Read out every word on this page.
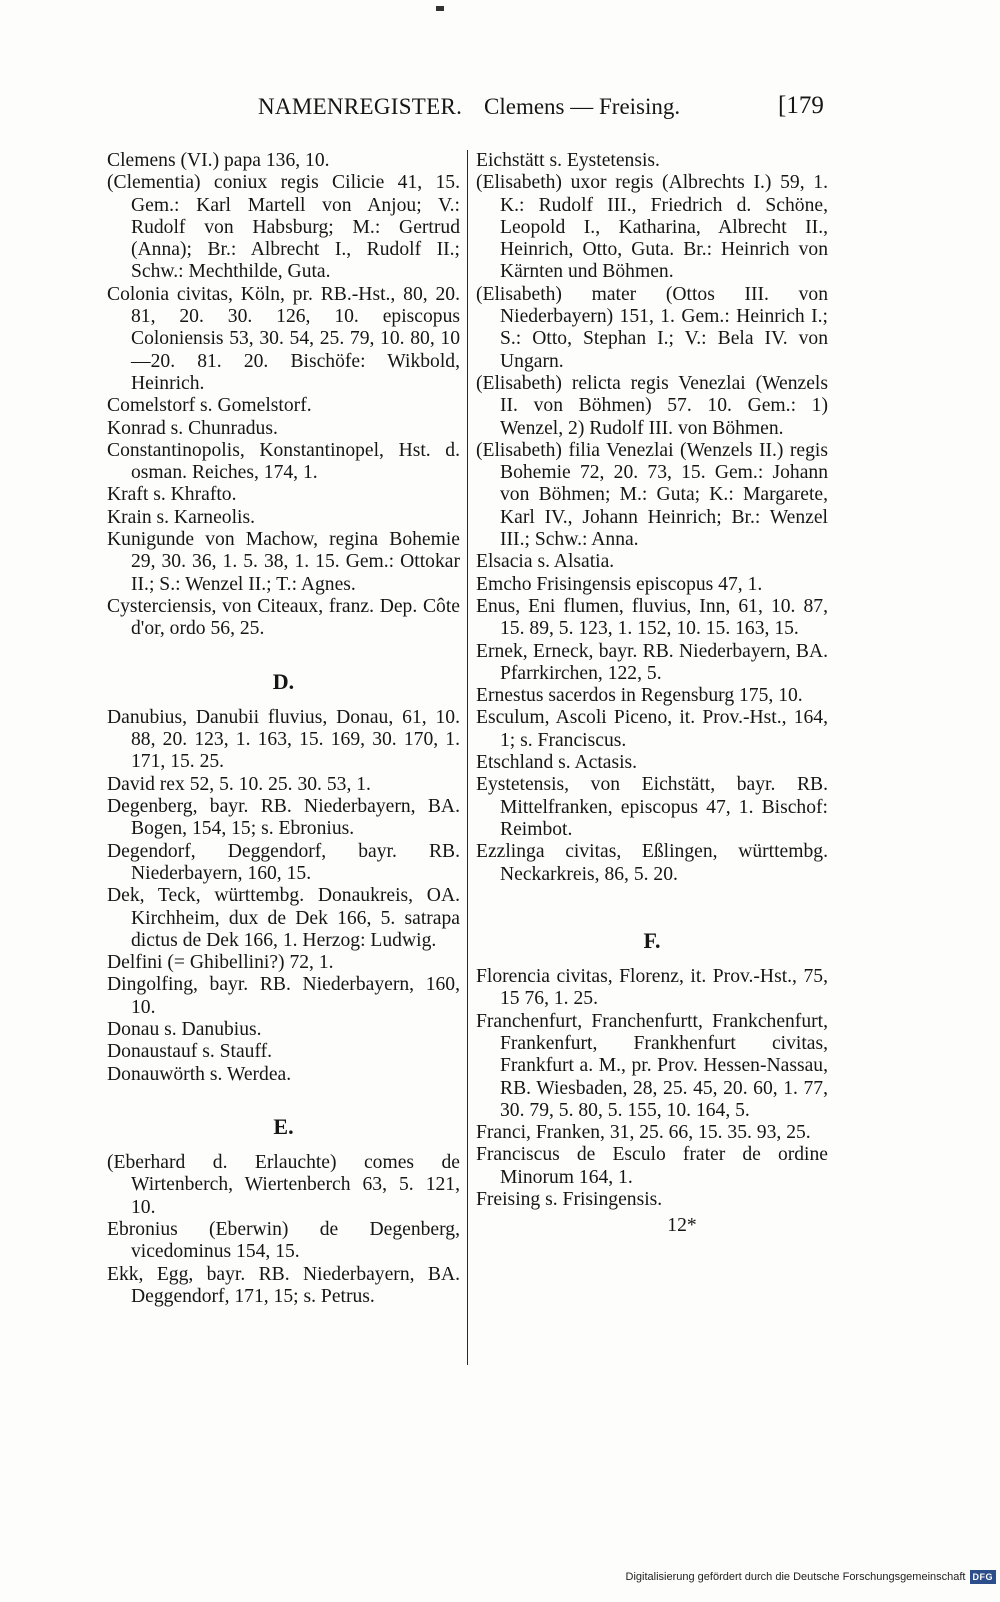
NAMENREGISTER. Clemens — Freising.	[179
Clemens (VI.) papa 136, 10.
(Clementia) coniux regis Cilicie 41, 15. Gem.: Karl Martell von Anjou; V.: Rudolf von Habsburg; M.: Gertrud (Anna); Br.: Albrecht I., Rudolf II.; Schw.: Mechthilde, Guta.
Colonia civitas, Köln, pr. RB.-Hst., 80, 20. 81, 20. 30. 126, 10. episcopus Coloniensis 53, 30. 54, 25. 79, 10. 80, 10—20. 81. 20. Bischöfe: Wikbold, Heinrich.
Comelstorf s. Gomelstorf.
Konrad s. Chunradus.
Constantinopolis, Konstantinopel, Hst. d. osman. Reiches, 174, 1.
Kraft s. Khrafto.
Krain s. Karneolis.
Kunigunde von Machow, regina Bohemie 29, 30. 36, 1. 5. 38, 1. 15. Gem.: Ottokar II.; S.: Wenzel II.; T.: Agnes.
Cysterciensis, von Citeaux, franz. Dep. Côte d'or, ordo 56, 25.
D.
Danubius, Danubii fluvius, Donau, 61, 10. 88, 20. 123, 1. 163, 15. 169, 30. 170, 1. 171, 15. 25.
David rex 52, 5. 10. 25. 30. 53, 1.
Degenberg, bayr. RB. Niederbayern, BA. Bogen, 154, 15; s. Ebronius.
Degendorf, Deggendorf, bayr. RB. Niederbayern, 160, 15.
Dek, Teck, württembg. Donaukreis, OA. Kirchheim, dux de Dek 166, 5. satrapa dictus de Dek 166, 1. Herzog: Ludwig.
Delfini (= Ghibellini?) 72, 1.
Dingolfing, bayr. RB. Niederbayern, 160, 10.
Donau s. Danubius.
Donaustauf s. Stauff.
Donauwörth s. Werdea.
E.
(Eberhard d. Erlauchte) comes de Wirtenberch, Wiertenberch 63, 5. 121, 10.
Ebronius (Eberwin) de Degenberg, vicedominus 154, 15.
Ekk, Egg, bayr. RB. Niederbayern, BA. Deggendorf, 171, 15; s. Petrus.
Eichstätt s. Eystetensis.
(Elisabeth) uxor regis (Albrechts I.) 59, 1. K.: Rudolf III., Friedrich d. Schöne, Leopold I., Katharina, Albrecht II., Heinrich, Otto, Guta. Br.: Heinrich von Kärnten und Böhmen.
(Elisabeth) mater (Ottos III. von Niederbayern) 151, 1. Gem.: Heinrich I.; S.: Otto, Stephan I.; V.: Bela IV. von Ungarn.
(Elisabeth) relicta regis Venezlai (Wenzels II. von Böhmen) 57. 10. Gem.: 1) Wenzel, 2) Rudolf III. von Böhmen.
(Elisabeth) filia Venezlai (Wenzels II.) regis Bohemie 72, 20. 73, 15. Gem.: Johann von Böhmen; M.: Guta; K.: Margarete, Karl IV., Johann Heinrich; Br.: Wenzel III.; Schw.: Anna.
Elsacia s. Alsatia.
Emcho Frisingensis episcopus 47, 1.
Enus, Eni flumen, fluvius, Inn, 61, 10. 87, 15. 89, 5. 123, 1. 152, 10. 15. 163, 15.
Ernek, Erneck, bayr. RB. Niederbayern, BA. Pfarrkirchen, 122, 5.
Ernestus sacerdos in Regensburg 175, 10.
Esculum, Ascoli Piceno, it. Prov.-Hst., 164, 1; s. Franciscus.
Etschland s. Actasis.
Eystetensis, von Eichstätt, bayr. RB. Mittelfranken, episcopus 47, 1. Bischof: Reimbot.
Ezzlinga civitas, Eßlingen, württembg. Neckarkreis, 86, 5. 20.
F.
Florencia civitas, Florenz, it. Prov.-Hst., 75, 15 76, 1. 25.
Franchenfurt, Franchenfurtt, Frankchenfurt, Frankenfurt, Frankhenfurt civitas, Frankfurt a. M., pr. Prov. Hessen-Nassau, RB. Wiesbaden, 28, 25. 45, 20. 60, 1. 77, 30. 79, 5. 80, 5. 155, 10. 164, 5.
Franci, Franken, 31, 25. 66, 15. 35. 93, 25.
Franciscus de Esculo frater de ordine Minorum 164, 1.
Freising s. Frisingensis.
12*
Digitalisierung gefördert durch die Deutsche Forschungsgemeinschaft DFG
